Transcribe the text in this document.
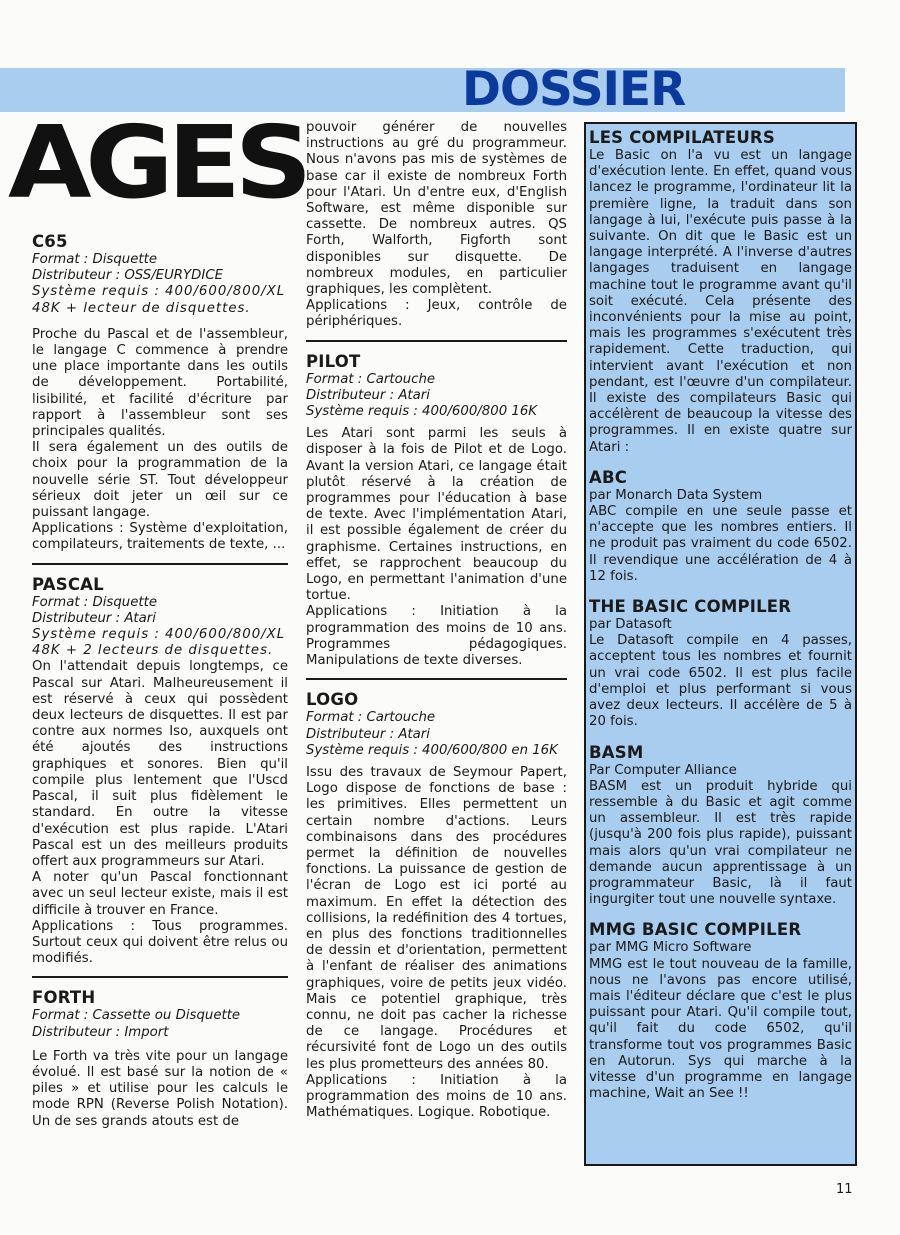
DOSSIER
AGES
C65
Format : Disquette
Distributeur : OSS/EURYDICE
Système requis : 400/600/800/XL
48K + lecteur de disquettes.

Proche du Pascal et de l'assembleur, le langage C commence à prendre une place importante dans les outils de développement. Portabilité, lisibilité, et facilité d'écriture par rapport à l'assembleur sont ses principales qualités.

Il sera également un des outils de choix pour la programmation de la nouvelle série ST. Tout développeur sérieux doit jeter un œil sur ce puissant langage.

Applications : Système d'exploitation, compilateurs, traitements de texte, ...

PASCAL
Format : Disquette
Distributeur : Atari
Système requis : 400/600/800/XL
48K + 2 lecteurs de disquettes.

On l'attendait depuis longtemps, ce Pascal sur Atari. Malheureusement il est réservé à ceux qui possèdent deux lecteurs de disquettes. Il est par contre aux normes Iso, auxquels ont été ajoutés des instructions graphiques et sonores. Bien qu'il compile plus lentement que l'Uscd Pascal, il suit plus fidèlement le standard. En outre la vitesse d'exécution est plus rapide. L'Atari Pascal est un des meilleurs produits offert aux programmeurs sur Atari.

A noter qu'un Pascal fonctionnant avec un seul lecteur existe, mais il est difficile à trouver en France.

Applications : Tous programmes. Surtout ceux qui doivent être relus ou modifiés.

FORTH
Format : Cassette ou Disquette
Distributeur : Import

Le Forth va très vite pour un langage évolué. Il est basé sur la notion de « piles » et utilise pour les calculs le mode RPN (Reverse Polish Notation). Un de ses grands atouts est de

pouvoir générer de nouvelles instructions au gré du programmeur. Nous n'avons pas mis de systèmes de base car il existe de nombreux Forth pour l'Atari. Un d'entre eux, d'English Software, est même disponible sur cassette. De nombreux autres. QS Forth, Walforth, Figforth sont disponibles sur disquette. De nombreux modules, en particulier graphiques, les complètent.

Applications : Jeux, contrôle de périphériques.

PILOT
Format : Cartouche
Distributeur : Atari
Système requis : 400/600/800 16K

Les Atari sont parmi les seuls à disposer à la fois de Pilot et de Logo. Avant la version Atari, ce langage était plutôt réservé à la création de programmes pour l'éducation à base de texte. Avec l'implémentation Atari, il est possible également de créer du graphisme. Certaines instructions, en effet, se rapprochent beaucoup du Logo, en permettant l'animation d'une tortue.

Applications : Initiation à la programmation des moins de 10 ans. Programmes pédagogiques. Manipulations de texte diverses.

LOGO
Format : Cartouche
Distributeur : Atari
Système requis : 400/600/800 en 16K

Issu des travaux de Seymour Papert, Logo dispose de fonctions de base : les primitives. Elles permettent un certain nombre d'actions. Leurs combinaisons dans des procédures permet la définition de nouvelles fonctions. La puissance de gestion de l'écran de Logo est ici porté au maximum. En effet la détection des collisions, la redéfinition des 4 tortues, en plus des fonctions traditionnelles de dessin et d'orientation, permettent à l'enfant de réaliser des animations graphiques, voire de petits jeux vidéo. Mais ce potentiel graphique, très connu, ne doit pas cacher la richesse de ce langage. Procédures et récursivité font de Logo un des outils les plus prometteurs des années 80.

Applications : Initiation à la programmation des moins de 10 ans. Mathématiques. Logique. Robotique.

LES COMPILATEURS

Le Basic on l'a vu est un langage d'exécution lente. En effet, quand vous lancez le programme, l'ordinateur lit la première ligne, la traduit dans son langage à lui, l'exécute puis passe à la suivante. On dit que le Basic est un langage interprété. A l'inverse d'autres langages traduisent en langage machine tout le programme avant qu'il soit exécuté. Cela présente des inconvénients pour la mise au point, mais les programmes s'exécutent très rapidement. Cette traduction, qui intervient avant l'exécution et non pendant, est l'œuvre d'un compilateur. Il existe des compilateurs Basic qui accélèrent de beaucoup la vitesse des programmes. Il en existe quatre sur Atari :

ABC
par Monarch Data System

ABC compile en une seule passe et n'accepte que les nombres entiers. Il ne produit pas vraiment du code 6502. Il revendique une accélération de 4 à 12 fois.

THE BASIC COMPILER
par Datasoft

Le Datasoft compile en 4 passes, acceptent tous les nombres et fournit un vrai code 6502. Il est plus facile d'emploi et plus performant si vous avez deux lecteurs. Il accélère de 5 à 20 fois.

BASM
Par Computer Alliance

BASM est un produit hybride qui ressemble à du Basic et agit comme un assembleur. Il est très rapide (jusqu'à 200 fois plus rapide), puissant mais alors qu'un vrai compilateur ne demande aucun apprentissage à un programmateur Basic, là il faut ingurgiter tout une nouvelle syntaxe.

MMG BASIC COMPILER
par MMG Micro Software

MMG est le tout nouveau de la famille, nous ne l'avons pas encore utilisé, mais l'éditeur déclare que c'est le plus puissant pour Atari. Qu'il compile tout, qu'il fait du code 6502, qu'il transforme tout vos programmes Basic en Autorun. Sys qui marche à la vitesse d'un programme en langage machine, Wait an See !!

11
